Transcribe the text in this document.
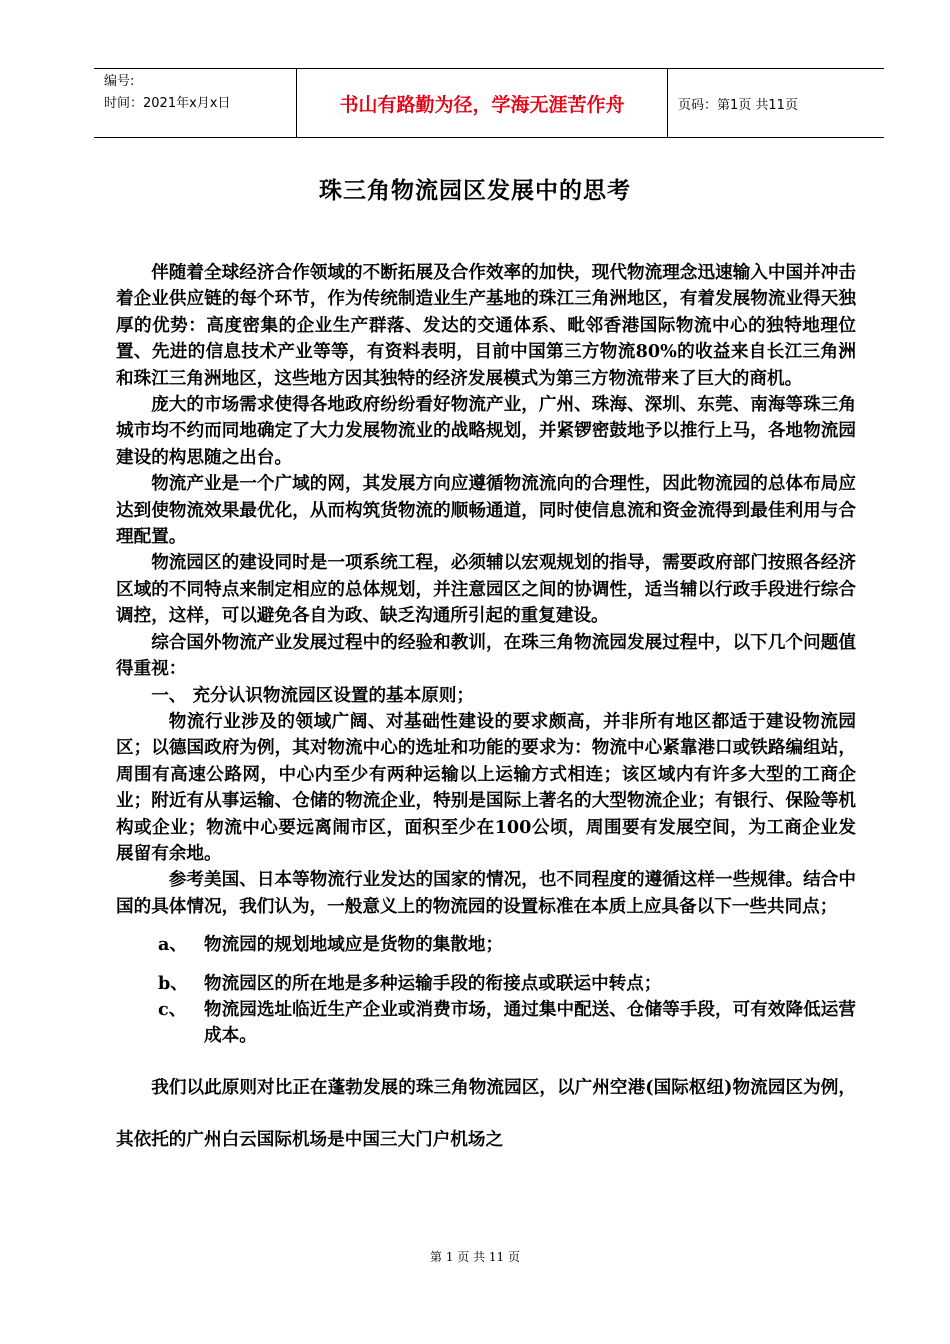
编号:
时间：2021年x月x日	书山有路勤为径，学海无涯苦作舟	页码：第1页 共11页
珠三角物流园区发展中的思考

伴随着全球经济合作领域的不断拓展及合作效率的加快，现代物流理念迅速输入中国并冲击着企业供应链的每个环节，作为传统制造业生产基地的珠江三角洲地区，有着发展物流业得天独厚的优势：高度密集的企业生产群落、发达的交通体系、毗邻香港国际物流中心的独特地理位置、先进的信息技术产业等等，有资料表明，目前中国第三方物流80%的收益来自长江三角洲和珠江三角洲地区，这些地方因其独特的经济发展模式为第三方物流带来了巨大的商机。

庞大的市场需求使得各地政府纷纷看好物流产业，广州、珠海、深圳、东莞、南海等珠三角城市均不约而同地确定了大力发展物流业的战略规划，并紧锣密鼓地予以推行上马，各地物流园建设的构思随之出台。

物流产业是一个广域的网，其发展方向应遵循物流流向的合理性，因此物流园的总体布局应达到使物流效果最优化，从而构筑货物流的顺畅通道，同时使信息流和资金流得到最佳利用与合理配置。

物流园区的建设同时是一项系统工程，必须辅以宏观规划的指导，需要政府部门按照各经济区域的不同特点来制定相应的总体规划，并注意园区之间的协调性，适当辅以行政手段进行综合调控，这样，可以避免各自为政、缺乏沟通所引起的重复建设。

综合国外物流产业发展过程中的经验和教训，在珠三角物流园发展过程中，以下几个问题值得重视：

一、 充分认识物流园区设置的基本原则；

物流行业涉及的领域广阔、对基础性建设的要求颇高，并非所有地区都适于建设物流园区；以德国政府为例，其对物流中心的选址和功能的要求为：物流中心紧靠港口或铁路编组站，周围有高速公路网，中心内至少有两种运输以上运输方式相连；该区域内有许多大型的工商企业；附近有从事运输、仓储的物流企业，特别是国际上著名的大型物流企业；有银行、保险等机构或企业；物流中心要远离闹市区，面积至少在100公顷，周围要有发展空间，为工商企业发展留有余地。

参考美国、日本等物流行业发达的国家的情况，也不同程度的遵循这样一些规律。结合中国的具体情况，我们认为，一般意义上的物流园的设置标准在本质上应具备以下一些共同点；

a、 物流园的规划地域应是货物的集散地；

b、 物流园区的所在地是多种运输手段的衔接点或联运中转点；

c、 物流园选址临近生产企业或消费市场，通过集中配送、仓储等手段，可有效降低运营成本。

我们以此原则对比正在蓬勃发展的珠三角物流园区，以广州空港(国际枢纽)物流园区为例，其依托的广州白云国际机场是中国三大门户机场之

第 1 页 共 11 页
